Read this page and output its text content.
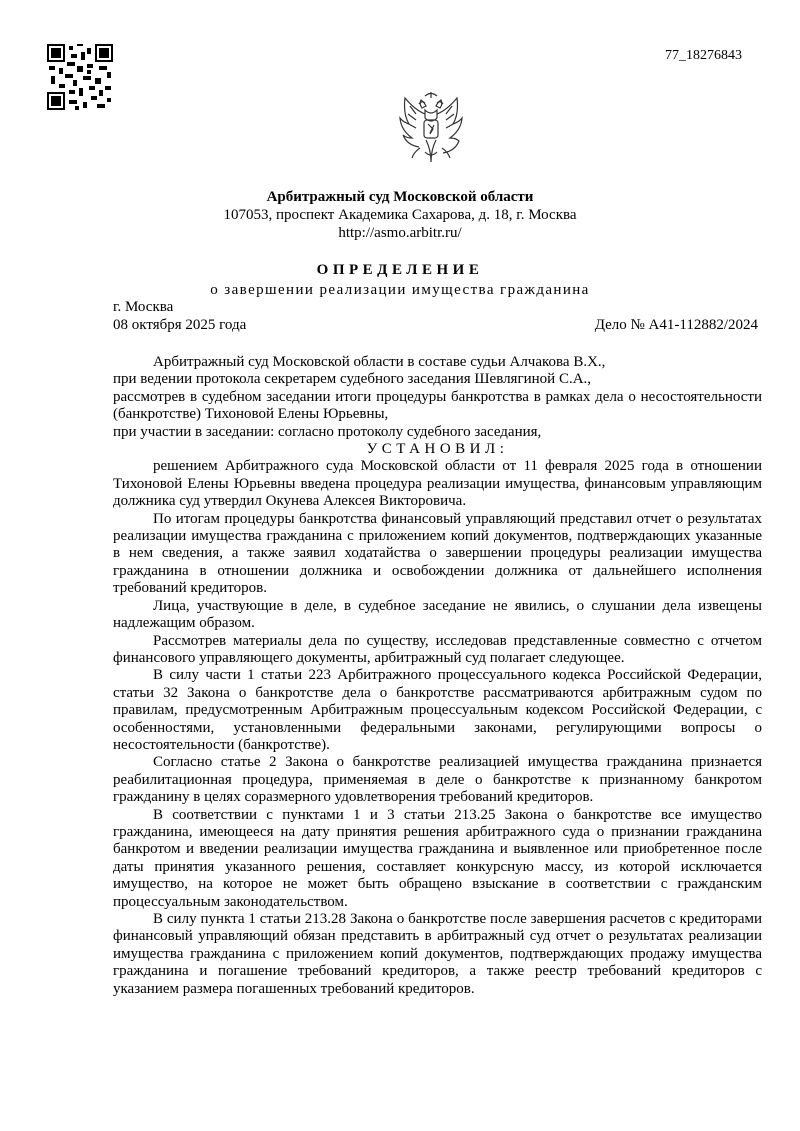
77_18276843
Арбитражный суд Московской области
107053, проспект Академика Сахарова, д. 18, г. Москва
http://asmo.arbitr.ru/
ОПРЕДЕЛЕНИЕ
о завершении реализации имущества гражданина
г. Москва
08 октября 2025 года	Дело № А41-112882/2024

Арбитражный суд Московской области в составе судьи Алчакова В.Х.,

при ведении протокола секретарем судебного заседания Шевлягиной С.А.,

рассмотрев в судебном заседании итоги процедуры банкротства в рамках дела о несостоятельности (банкротстве) Тихоновой Елены Юрьевны,

при участии в заседании: согласно протоколу судебного заседания,

УСТАНОВИЛ:

решением Арбитражного суда Московской области от 11 февраля 2025 года в отношении Тихоновой Елены Юрьевны введена процедура реализации имущества, финансовым управляющим должника суд утвердил Окунева Алексея Викторовича.

По итогам процедуры банкротства финансовый управляющий представил отчет о результатах реализации имущества гражданина с приложением копий документов, подтверждающих указанные в нем сведения, а также заявил ходатайства о завершении процедуры реализации имущества гражданина в отношении должника и освобождении должника от дальнейшего исполнения требований кредиторов.

Лица, участвующие в деле, в судебное заседание не явились, о слушании дела извещены надлежащим образом.

Рассмотрев материалы дела по существу, исследовав представленные совместно с отчетом финансового управляющего документы, арбитражный суд полагает следующее.

В силу части 1 статьи 223 Арбитражного процессуального кодекса Российской Федерации, статьи 32 Закона о банкротстве дела о банкротстве рассматриваются арбитражным судом по правилам, предусмотренным Арбитражным процессуальным кодексом Российской Федерации, с особенностями, установленными федеральными законами, регулирующими вопросы о несостоятельности (банкротстве).

Согласно статье 2 Закона о банкротстве реализацией имущества гражданина признается реабилитационная процедура, применяемая в деле о банкротстве к признанному банкротом гражданину в целях соразмерного удовлетворения требований кредиторов.

В соответствии с пунктами 1 и 3 статьи 213.25 Закона о банкротстве все имущество гражданина, имеющееся на дату принятия решения арбитражного суда о признании гражданина банкротом и введении реализации имущества гражданина и выявленное или приобретенное после даты принятия указанного решения, составляет конкурсную массу, из которой исключается имущество, на которое не может быть обращено взыскание в соответствии с гражданским процессуальным законодательством.

В силу пункта 1 статьи 213.28 Закона о банкротстве после завершения расчетов с кредиторами финансовый управляющий обязан представить в арбитражный суд отчет о результатах реализации имущества гражданина с приложением копий документов, подтверждающих продажу имущества гражданина и погашение требований кредиторов, а также реестр требований кредиторов с указанием размера погашенных требований кредиторов.
